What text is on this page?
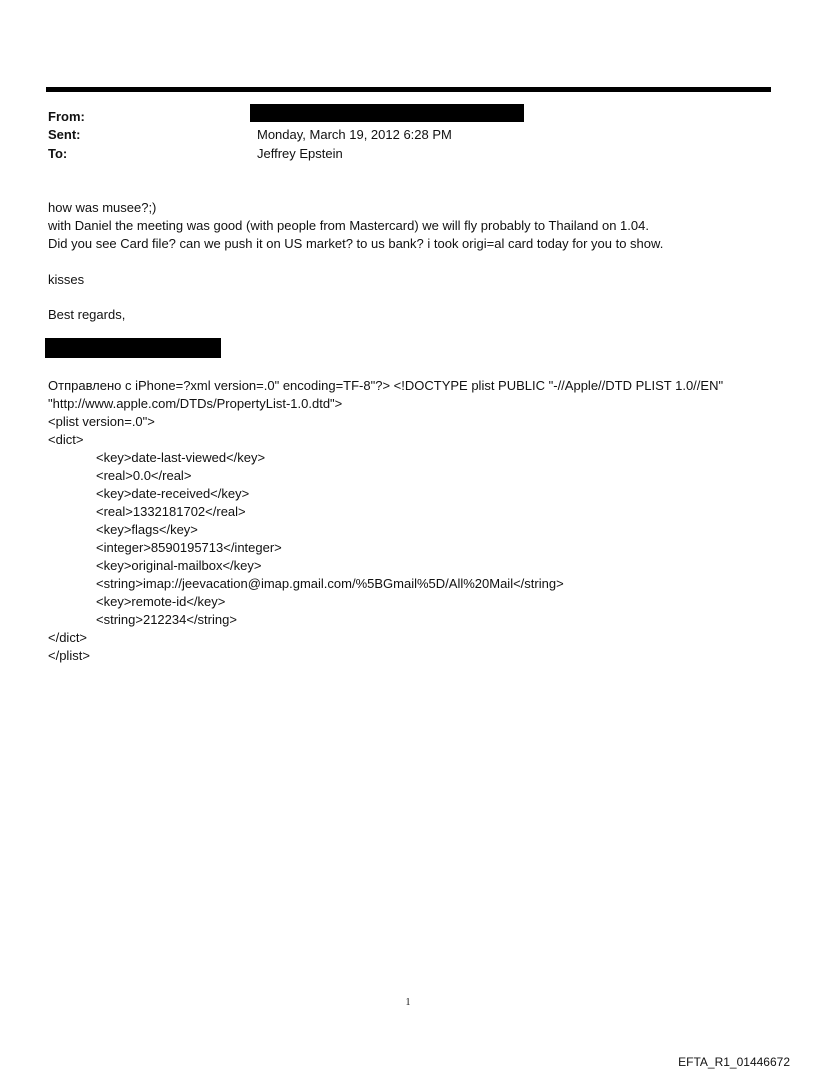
From:
Sent:	Monday, March 19, 2012 6:28 PM
To:	Jeffrey Epstein
how was musee?;)
with Daniel the meeting was good (with people from Mastercard) we will fly probably to Thailand on 1.04.
Did you see Card file? can we push it on US market? to us bank? i took origi=al card today for you to show.
kisses
Best regards,
Отправлено с iPhone=?xml version=.0" encoding=TF-8"?> <!DOCTYPE plist PUBLIC "-//Apple//DTD PLIST 1.0//EN"
"http://www.apple.com/DTDs/PropertyList-1.0.dtd">
<plist version=.0">
<dict>
<key>date-last-viewed</key>
<real>0.0</real>
<key>date-received</key>
<real>1332181702</real>
<key>flags</key>
<integer>8590195713</integer>
<key>original-mailbox</key>
<string>imap://jeevacation@imap.gmail.com/%5BGmail%5D/All%20Mail</string>
<key>remote-id</key>
<string>212234</string>
</dict>
</plist>
1
EFTA_R1_01446672
